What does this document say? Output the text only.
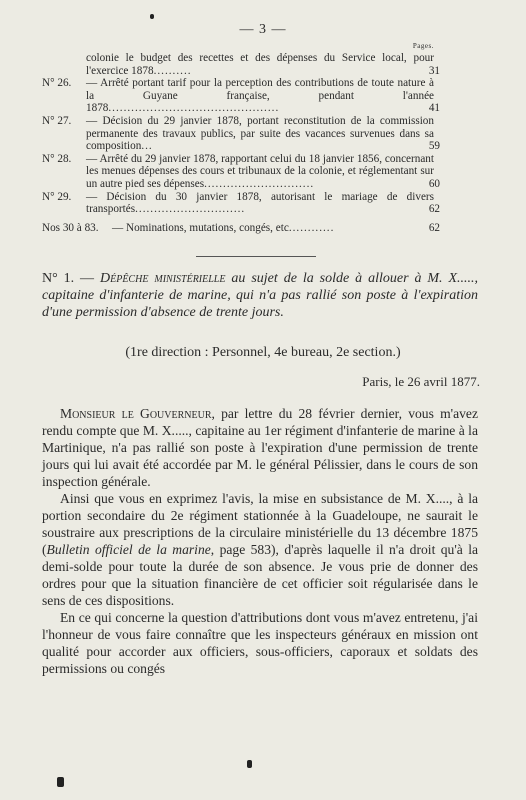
— 3 —
Pages.
colonie le budget des recettes et des dépenses du Service local, pour l'exercice 1878..........	31
N° 26.	— Arrêté portant tarif pour la perception des contributions de toute nature à la Guyane française, pendant l'année 1878.............................................	41
N° 27.	— Décision du 29 janvier 1878, portant reconstitution de la commission permanente des travaux publics, par suite des vacances survenues dans sa composition...	59
N° 28.	— Arrêté du 29 janvier 1878, rapportant celui du 18 janvier 1856, concernant les menues dépenses des cours et tribunaux de la colonie, et réglementant sur un autre pied ses dépenses.............................	60
N° 29.	— Décision du 30 janvier 1878, autorisant le mariage de divers transportés.............................	62
Nos 30 à 83.	— Nominations, mutations, congés, etc............	62
N° 1. — Dépêche ministérielle au sujet de la solde à allouer à M. X....., capitaine d'infanterie de marine, qui n'a pas rallié son poste à l'expiration d'une permission d'absence de trente jours.
(1re direction : Personnel, 4e bureau, 2e section.)
Paris, le 26 avril 1877.

Monsieur le Gouverneur, par lettre du 28 février dernier, vous m'avez rendu compte que M. X....., capitaine au 1er régiment d'infanterie de marine à la Martinique, n'a pas rallié son poste à l'expiration d'une permission de trente jours qui lui avait été accordée par M. le général Pélissier, dans le cours de son inspection générale.

Ainsi que vous en exprimez l'avis, la mise en subsistance de M. X...., à la portion secondaire du 2e régiment stationnée à la Guadeloupe, ne saurait le soustraire aux prescriptions de la circulaire ministérielle du 13 décembre 1875 (Bulletin officiel de la marine, page 583), d'après laquelle il n'a droit qu'à la demi-solde pour toute la durée de son absence. Je vous prie de donner des ordres pour que la situation financière de cet officier soit régularisée dans le sens de ces dispositions.

En ce qui concerne la question d'attributions dont vous m'avez entretenu, j'ai l'honneur de vous faire connaître que les inspecteurs généraux en mission ont qualité pour accorder aux officiers, sous-officiers, caporaux et soldats des permissions ou congés
